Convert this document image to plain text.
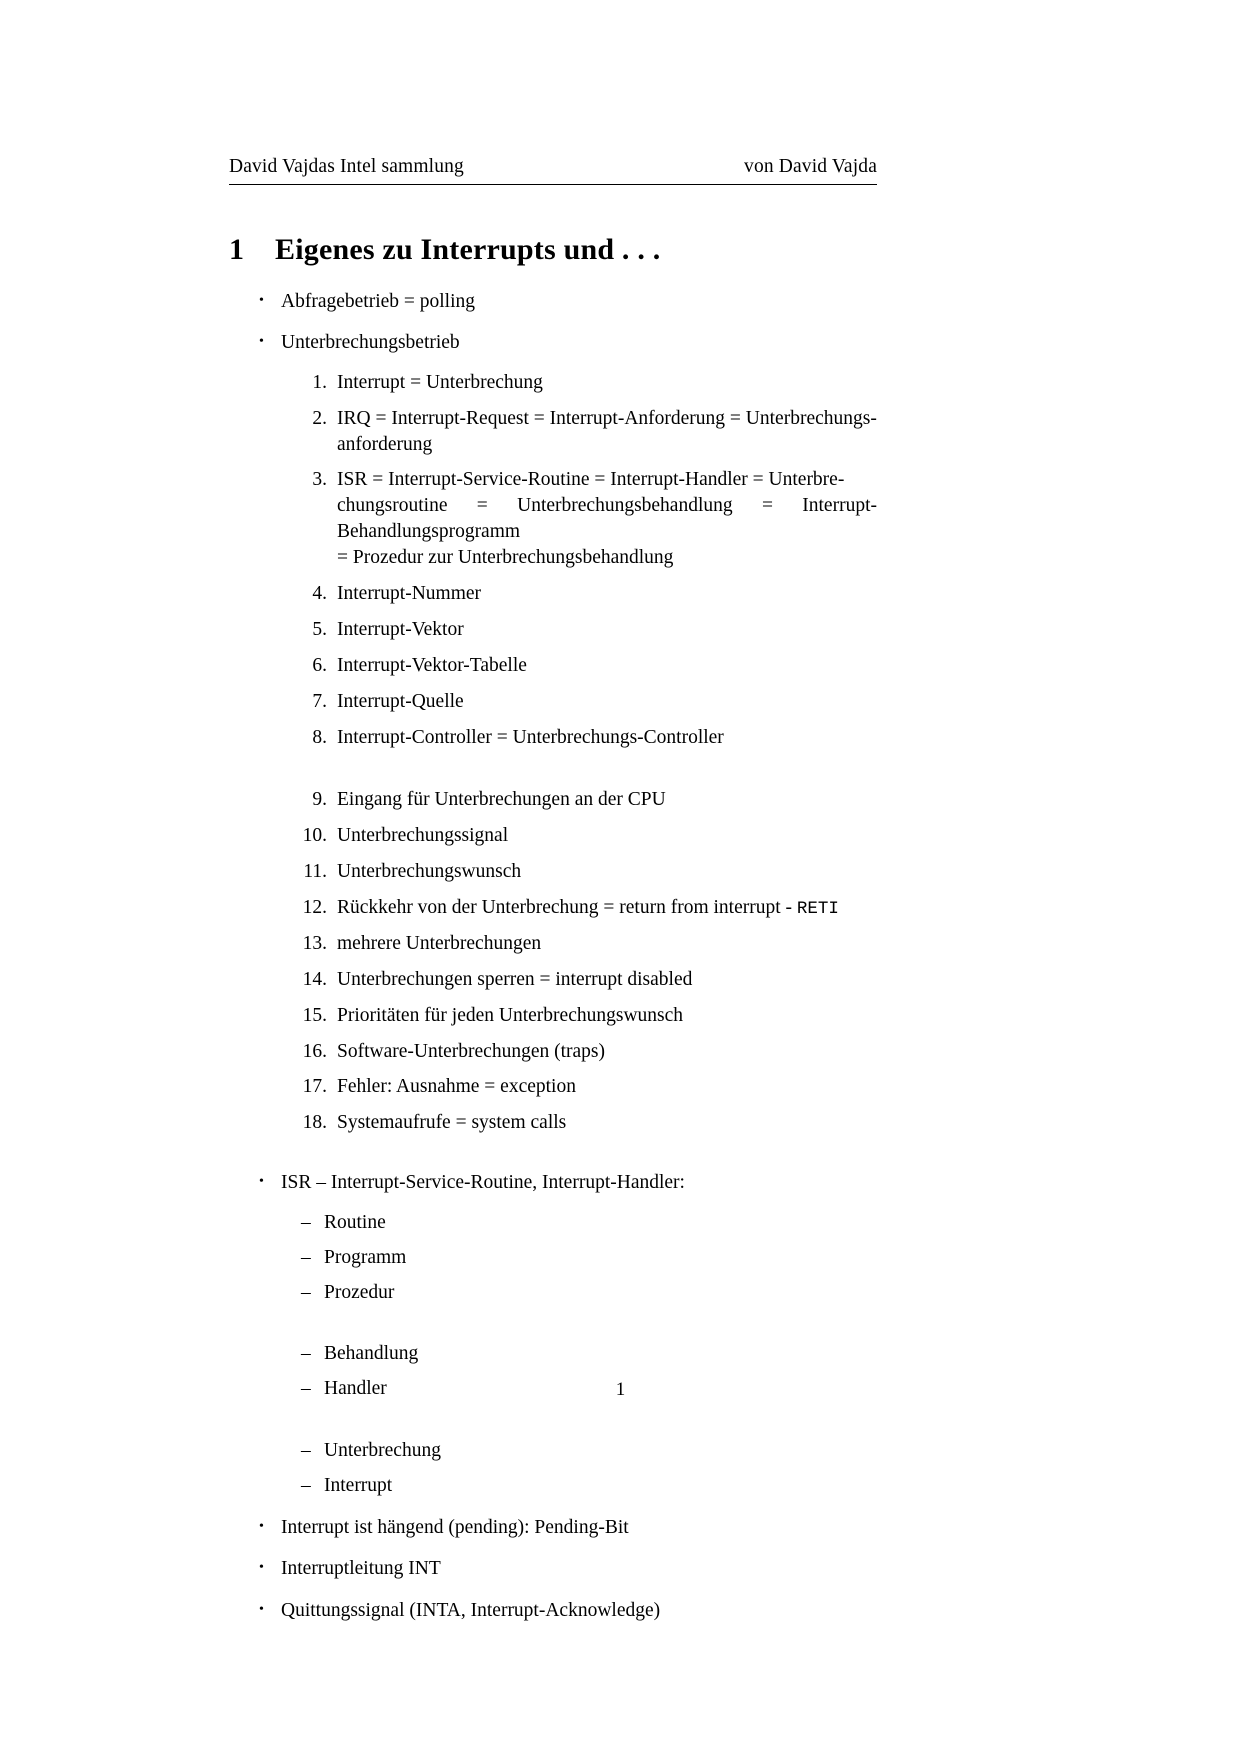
David Vajdas Intel sammlung	von David Vajda
1	Eigenes zu Interrupts und . . .
• Abfragebetrieb = polling
• Unterbrechungsbetrieb
1. Interrupt = Unterbrechung
2. IRQ = Interrupt-Request = Interrupt-Anforderung = Unterbrechungs-
anforderung
3. ISR = Interrupt-Service-Routine = Interrupt-Handler = Unterbre-
chungsroutine = Unterbrechungsbehandlung = Interrupt-Behandlungsprogramm
= Prozedur zur Unterbrechungsbehandlung
4. Interrupt-Nummer
5. Interrupt-Vektor
6. Interrupt-Vektor-Tabelle
7. Interrupt-Quelle
8. Interrupt-Controller = Unterbrechungs-Controller
9. Eingang für Unterbrechungen an der CPU
10. Unterbrechungssignal
11. Unterbrechungswunsch
12. Rückkehr von der Unterbrechung = return from interrupt - RETI
13. mehrere Unterbrechungen
14. Unterbrechungen sperren = interrupt disabled
15. Prioritäten für jeden Unterbrechungswunsch
16. Software-Unterbrechungen (traps)
17. Fehler: Ausnahme = exception
18. Systemaufrufe = system calls
• ISR – Interrupt-Service-Routine, Interrupt-Handler:
– Routine
– Programm
– Prozedur
– Behandlung
– Handler
– Unterbrechung
– Interrupt
• Interrupt ist hängend (pending): Pending-Bit
• Interruptleitung INT
• Quittungssignal (INTA, Interrupt-Acknowledge)
1
